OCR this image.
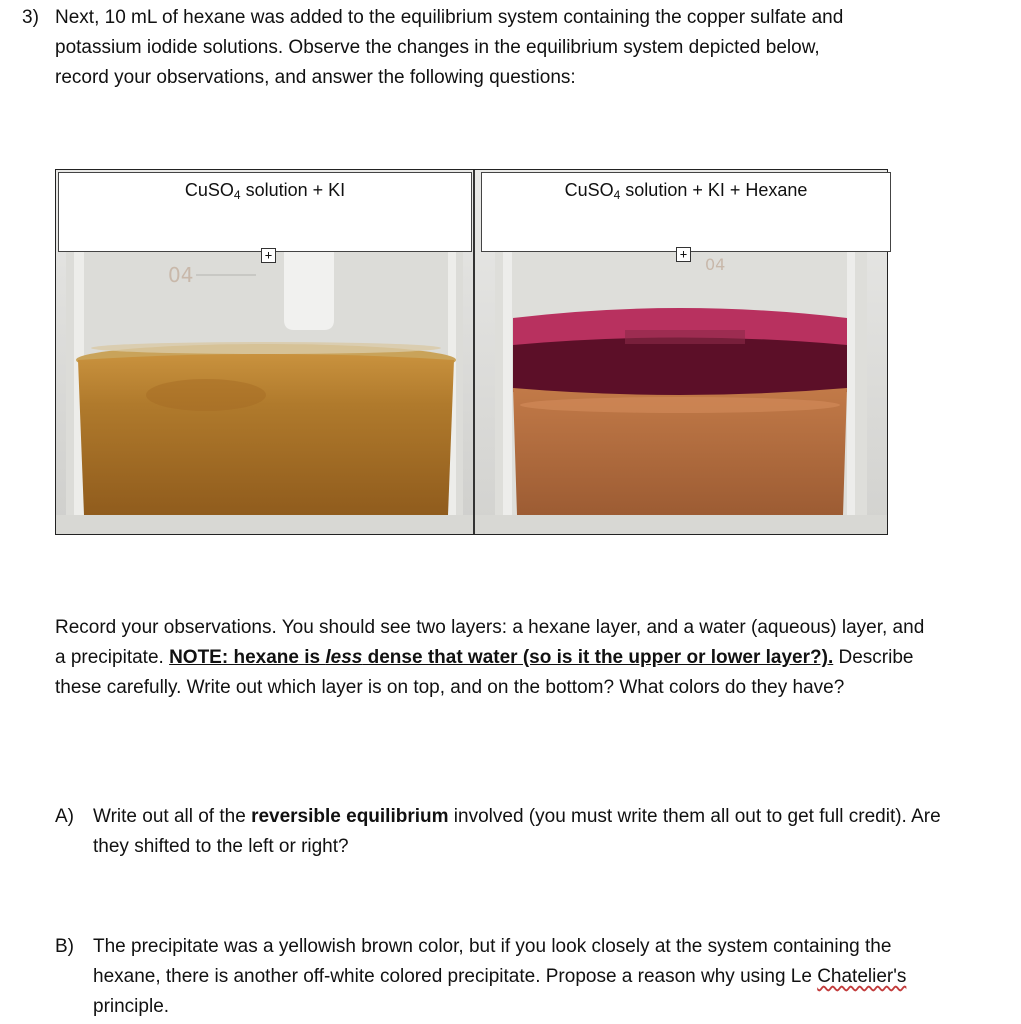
3) Next, 10 mL of hexane was added to the equilibrium system containing the copper sulfate and
potassium iodide solutions. Observe the changes in the equilibrium system depicted below,
record your observations, and answer the following questions:
04	04
CuSO$_4$ solution + KI	CuSO$_4$ solution + KI + Hexane
+	+
Record your observations. You should see two layers: a hexane layer, and a water (aqueous) layer, and a precipitate. NOTE: hexane is less dense that water (so is it the upper or lower layer?). Describe these carefully. Write out which layer is on top, and on the bottom? What colors do they have?
A) Write out all of the reversible equilibrium involved (you must write them all out to get full credit). Are they shifted to the left or right?
B) The precipitate was a yellowish brown color, but if you look closely at the system containing the hexane, there is another off-white colored precipitate. Propose a reason why using Le Chatelier's principle.
